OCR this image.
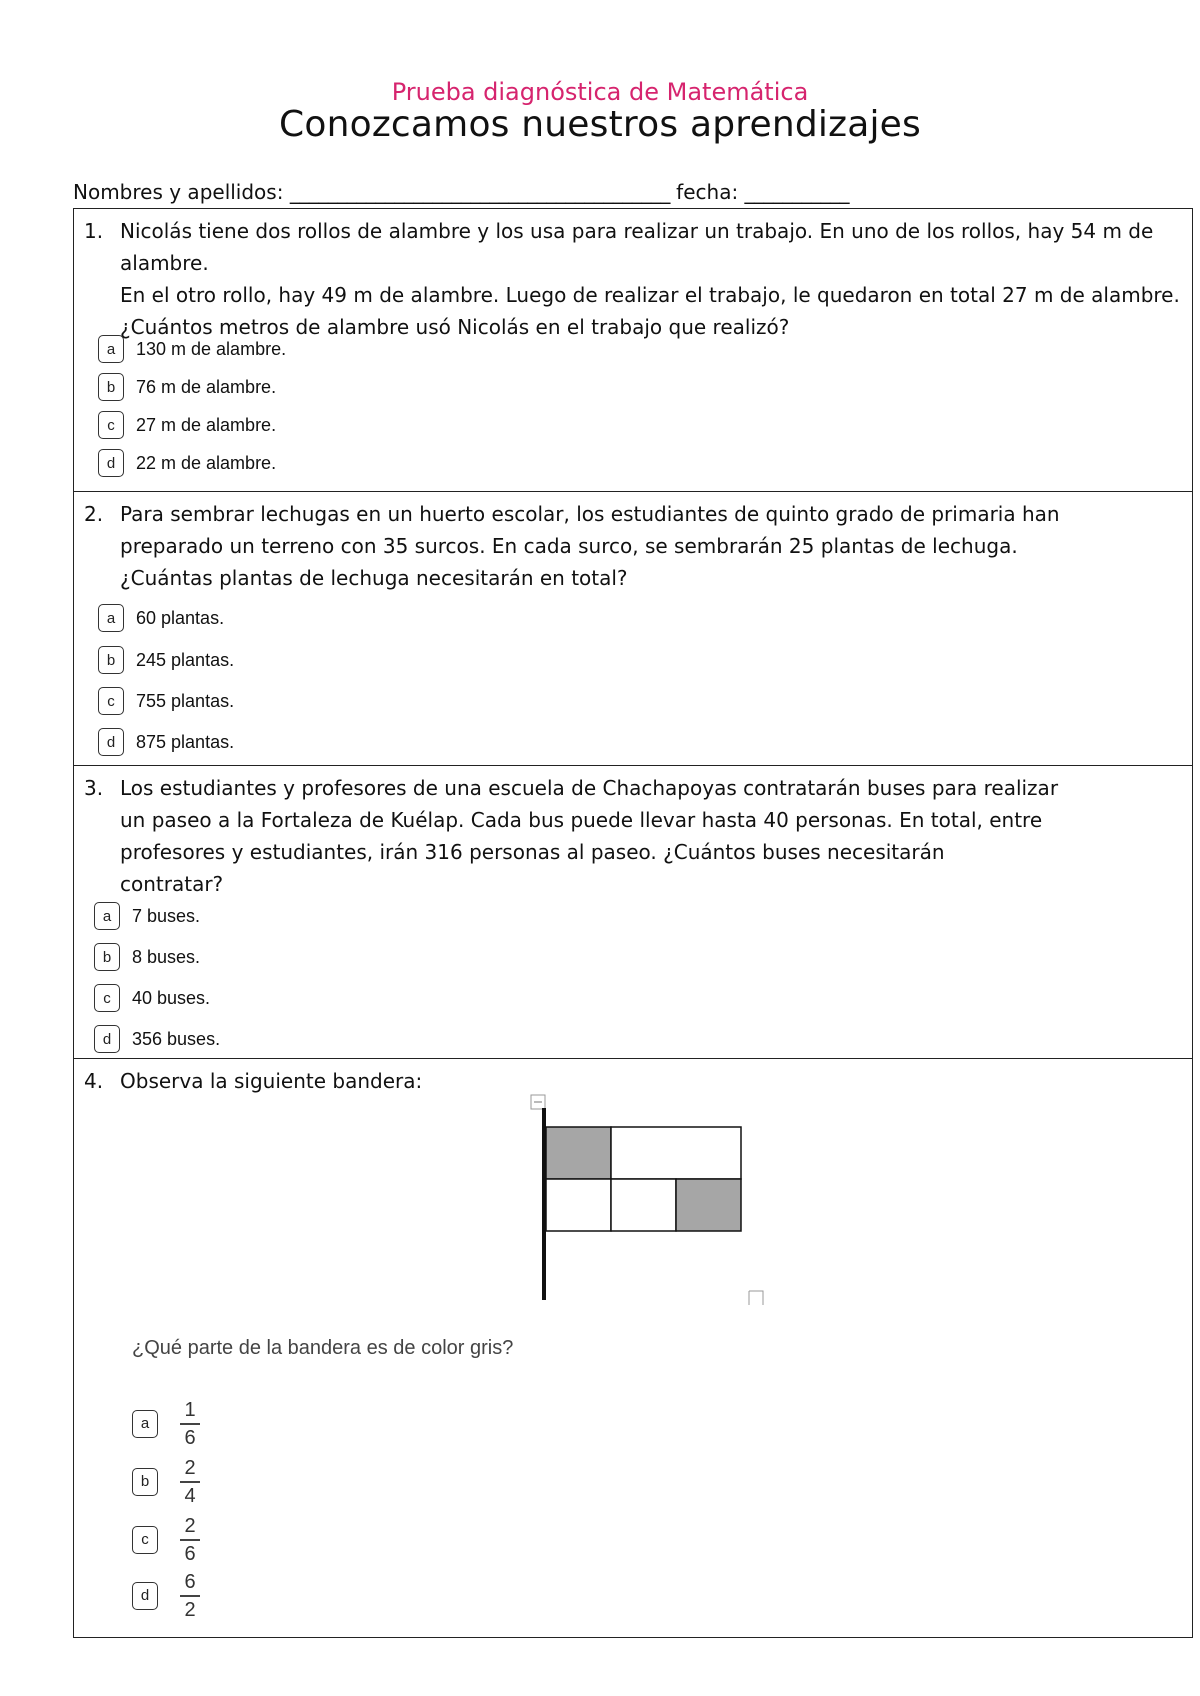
Prueba diagnóstica de Matemática
Conozcamos nuestros aprendizajes
Nombres y apellidos: ________________________________________ fecha: ___________
1. Nicolás tiene dos rollos de alambre y los usa para realizar un trabajo. En uno de los rollos, hay 54 m de alambre.
En el otro rollo, hay 49 m de alambre. Luego de realizar el trabajo, le quedaron en total 27 m de alambre.
¿Cuántos metros de alambre usó Nicolás en el trabajo que realizó?
a	130 m de alambre.
b	76 m de alambre.
c	27 m de alambre.
d	22 m de alambre.
2. Para sembrar lechugas en un huerto escolar, los estudiantes de quinto grado de primaria han
preparado un terreno con 35 surcos. En cada surco, se sembrarán 25 plantas de lechuga.
¿Cuántas plantas de lechuga necesitarán en total?
a	60 plantas.
b	245 plantas.
c	755 plantas.
d	875 plantas.
3. Los estudiantes y profesores de una escuela de Chachapoyas contratarán buses para realizar
un paseo a la Fortaleza de Kuélap. Cada bus puede llevar hasta 40 personas. En total, entre
profesores y estudiantes, irán 316 personas al paseo. ¿Cuántos buses necesitarán
contratar?
a	7 buses.
b	8 buses.
c	40 buses.
d	356 buses.
4. Observa la siguiente bandera:
¿Qué parte de la bandera es de color gris?
a	$\frac{1}{6}$
b	$\frac{2}{4}$
c	$\frac{2}{6}$
d	$\frac{6}{2}$
